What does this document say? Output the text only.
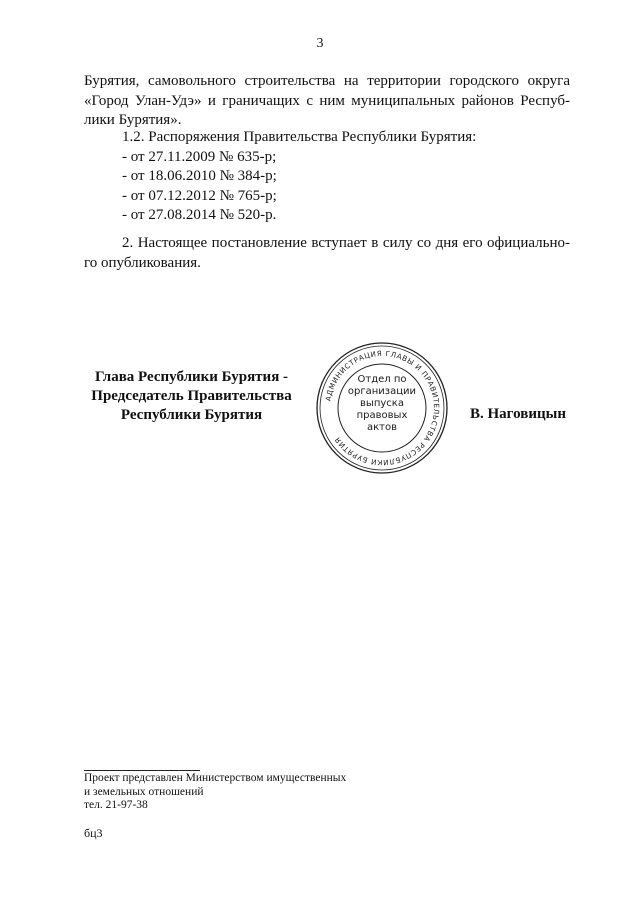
3
Бурятия, самовольного строительства на территории городского округа
«Город Улан-Удэ» и граничащих с ним муниципальных районов Респуб-
лики Бурятия».
1.2. Распоряжения Правительства Республики Бурятия:
- от 27.11.2009 № 635-р;
- от 18.06.2010 № 384-р;
- от 07.12.2012 № 765-р;
- от 27.08.2014 № 520-р.
2. Настоящее постановление вступает в силу со дня его официально-
го опубликования.
Глава Республики Бурятия -
Председатель Правительства
Республики Бурятия
АДМИНИСТРАЦИЯ ГЛАВЫ И ПРАВИТЕЛЬСТВА РЕСПУБЛИКИ БУРЯТИЯ
Отдел по
организации
выпуска
правовых
актов
В. Наговицын
Проект представлен Министерством имущественных
и земельных отношений
тел. 21-97-38
бц3
